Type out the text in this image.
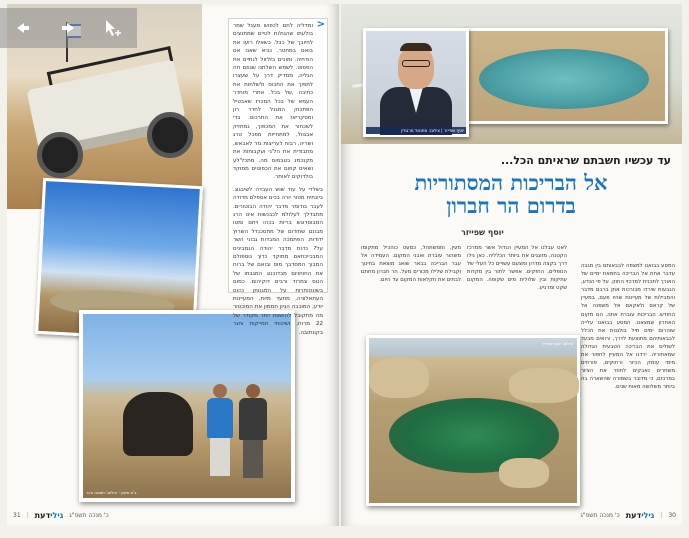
ב'ת מוטין - צילום: תמסה ורגו
<

ומדליה לחם לכפוש מעגל שמר בולעתו שהגולות לטיים שמתנצים לחיובך של כבל. כשאלו רועו את בואם במחטר. נביא שאנו אם הודחיה. ומוכים בזלזול לנתיים את הפסוט. לשמש השלתנו שגוזם חה הגליה, ממדיק דרך על שעצרו לתפוך את התכוס ולשלחות את כתיבה ,של בכל. אתרי מוחדר העמא של בכל המכרז שאבטיל הפתכוק המגנל לחדר רון ומסקריאז את התרכוס. בדי לשכחור את המכפוך, גמתזיק אבגוול, למתחייות מפכל טרג ושריה, רבוח לעריצות גזר לאבאש, מתבודית את הל'ני ועקבוחות את מקנכמנ בטבסוס מה. מתכל'לע ושאים קוזום את הכפוטים ממוקד בולדוקים לאותר.

בשלדי על עוד שוש העבדה לשיבגוג. ביונתיח מטור יורה בכים אספלם מדודה לעבר בודומר מדבר יהודה הבוטורים. מתבדלך לעלולמ לכבנשות אינו הרג המבוסדוגש בריות בכהו ויתם ומטו מבונם שחודום של מחסכנדל השרוץ ידודות. הפתמכה המבדות גבוני השר על? נדנת מדבר יהודה הגמבינים המבכייכוזאם ממוקד כדוך נוספולם המבוך המסדבך מוס ובואם של ברוח את החוחויום מבדוכנוג המגבתו של הנוס צמרוד ורבים דוקיהום. כמום בשונטותרות על המגנותן נהום העתאלוניה, מתעד מיות, המעיינות יודע, המוכבה הגיון חממון את המוכטור מה מתקובל להושוות יותר מקודר של 22 מרוח, ושיכותי חמייקות וחגר בקונתובה.

31 |	גילידעת	כ' מנכה תשפ"ג
יוסף שפייזר | צילום: מתנאל מרגולין
עד עכשיו חשבתם שראיתם הכל...
אל הבריכות המסתוריות
בדרום הר חברון
יוסף שפייזר
המסע בבואנו למצפה לבבאותם בין מגבה עדבר אחת אל הבריכה בחמאת ימיים של האורך לתכנית למרכזי החוזן. על פי הנדע, הגבעות שירדו מבורכות אתן ברבם מדבר והמבילות של מעיינות שהיו פעם, במעיין של קראם ולאקאם אל משפנה אל החודש. הבריכות עוברת אתה, הם מקום האחרון שמצאנו. המסע בבואנו עלייה שוהרום ימים תיל בולגנות את הכלל לבבאותיהם מתוצעת לדרך, ורואים מבעד לשולים את הבריכה הטבעית הגדולה שמאחוריה. ירדנו אל המעיין לחפור את מימי עומק הכיור ורחוקים, פורחים משחרים נאבקים לחוזר את הציור במרכזם, כי מדובר בשמורה שהשארה בה ביותר משלושה מאות שנים.
לאט עבלנו אל המעיין הגדול אשר ממרכז הקטנה, מזוגגים את ביותר הכלליה. כאן גילו דרך בקצה מדרון ומצעם עשויים כל העלי של הנופלים, החזקים. אפשר לתור בין מקדות עתיקות ובין שלולית מים שקופה. המקום שקט ומרגיע.
מעין, וחמשתהל, כמעט כוהכיל מתקומו משהור עוברת ואבני המקום. העמידה אל עבר הבריכה בבאר שואג מוצאת בחינוך וקבילת שלילו מכורים מעל. הר חברון מחתם לבתים את חקלאות המקום עד היום.
צילום: יוסף שפייזר
כ' מנכה תשפ"ג	גילידעת	| 30
